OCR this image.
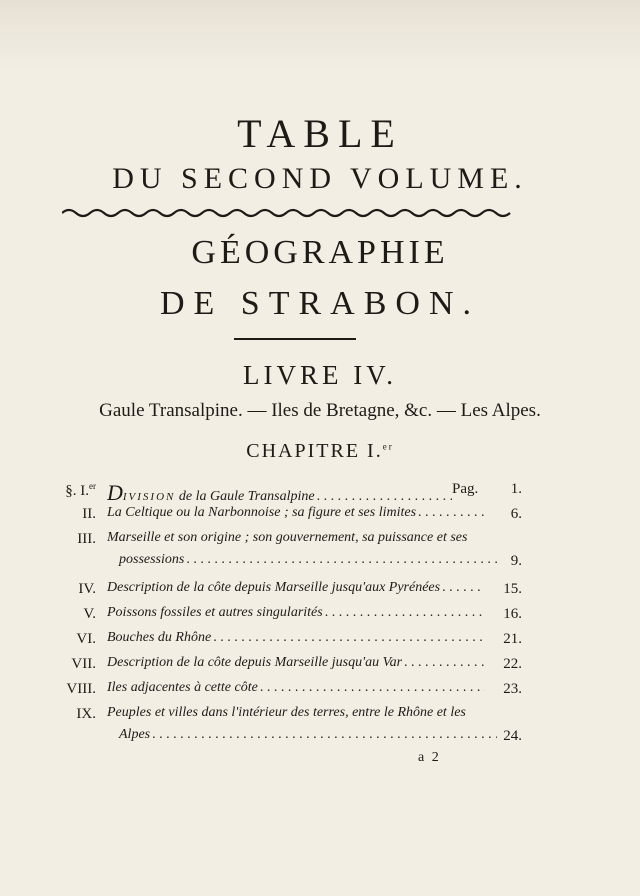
TABLE
DU SECOND VOLUME.
GÉOGRAPHIE
DE STRABON.
LIVRE IV.
Gaule Transalpine. — Iles de Bretagne, &c. — Les Alpes.
CHAPITRE I.$^{er}$
§. I.$^{er}$ DIVISION de la Gaule Transalpine . . .	Pag.	1.
II. La Celtique ou la Narbonnoise ; sa figure et ses limites . . .	6.
III. Marseille et son origine ; son gouvernement, sa puissance et ses
possessions . . .	9.
IV. Description de la côte depuis Marseille jusqu'aux Pyrénées . . .	15.
V. Poissons fossiles et autres singularités . . .	16.
VI. Bouches du Rhône . . .	21.
VII. Description de la côte depuis Marseille jusqu'au Var . . .	22.
VIII. Iles adjacentes à cette côte . . .	23.
IX. Peuples et villes dans l'intérieur des terres, entre le Rhône et les
Alpes . . .	24.
a 2
